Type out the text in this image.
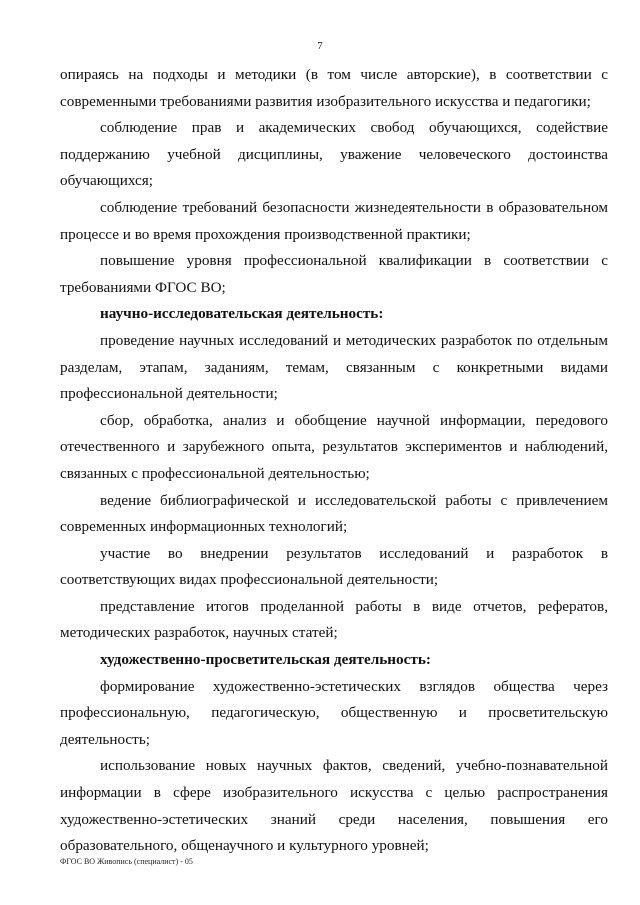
7

опираясь на подходы и методики (в том числе авторские), в соответствии с современными требованиями развития изобразительного искусства и педагогики;

соблюдение прав и академических свобод обучающихся, содействие поддержанию учебной дисциплины, уважение человеческого достоинства обучающихся;

соблюдение требований безопасности жизнедеятельности в образовательном процессе и во время прохождения производственной практики;

повышение уровня профессиональной квалификации в соответствии с требованиями ФГОС ВО;

научно-исследовательская деятельность:

проведение научных исследований и методических разработок по отдельным разделам, этапам, заданиям, темам, связанным с конкретными видами профессиональной деятельности;

сбор, обработка, анализ и обобщение научной информации, передового отечественного и зарубежного опыта, результатов экспериментов и наблюдений, связанных с профессиональной деятельностью;

ведение библиографической и исследовательской работы с привлечением современных информационных технологий;

участие во внедрении результатов исследований и разработок в соответствующих видах профессиональной деятельности;

представление итогов проделанной работы в виде отчетов, рефератов, методических разработок, научных статей;

художественно-просветительская деятельность:

формирование художественно-эстетических взглядов общества через профессиональную, педагогическую, общественную и просветительскую деятельность;

использование новых научных фактов, сведений, учебно-познавательной информации в сфере изобразительного искусства с целью распространения художественно-эстетических знаний среди населения, повышения его образовательного, общенаучного и культурного уровней;

ФГОС ВО Живопись (специалист) - 05
